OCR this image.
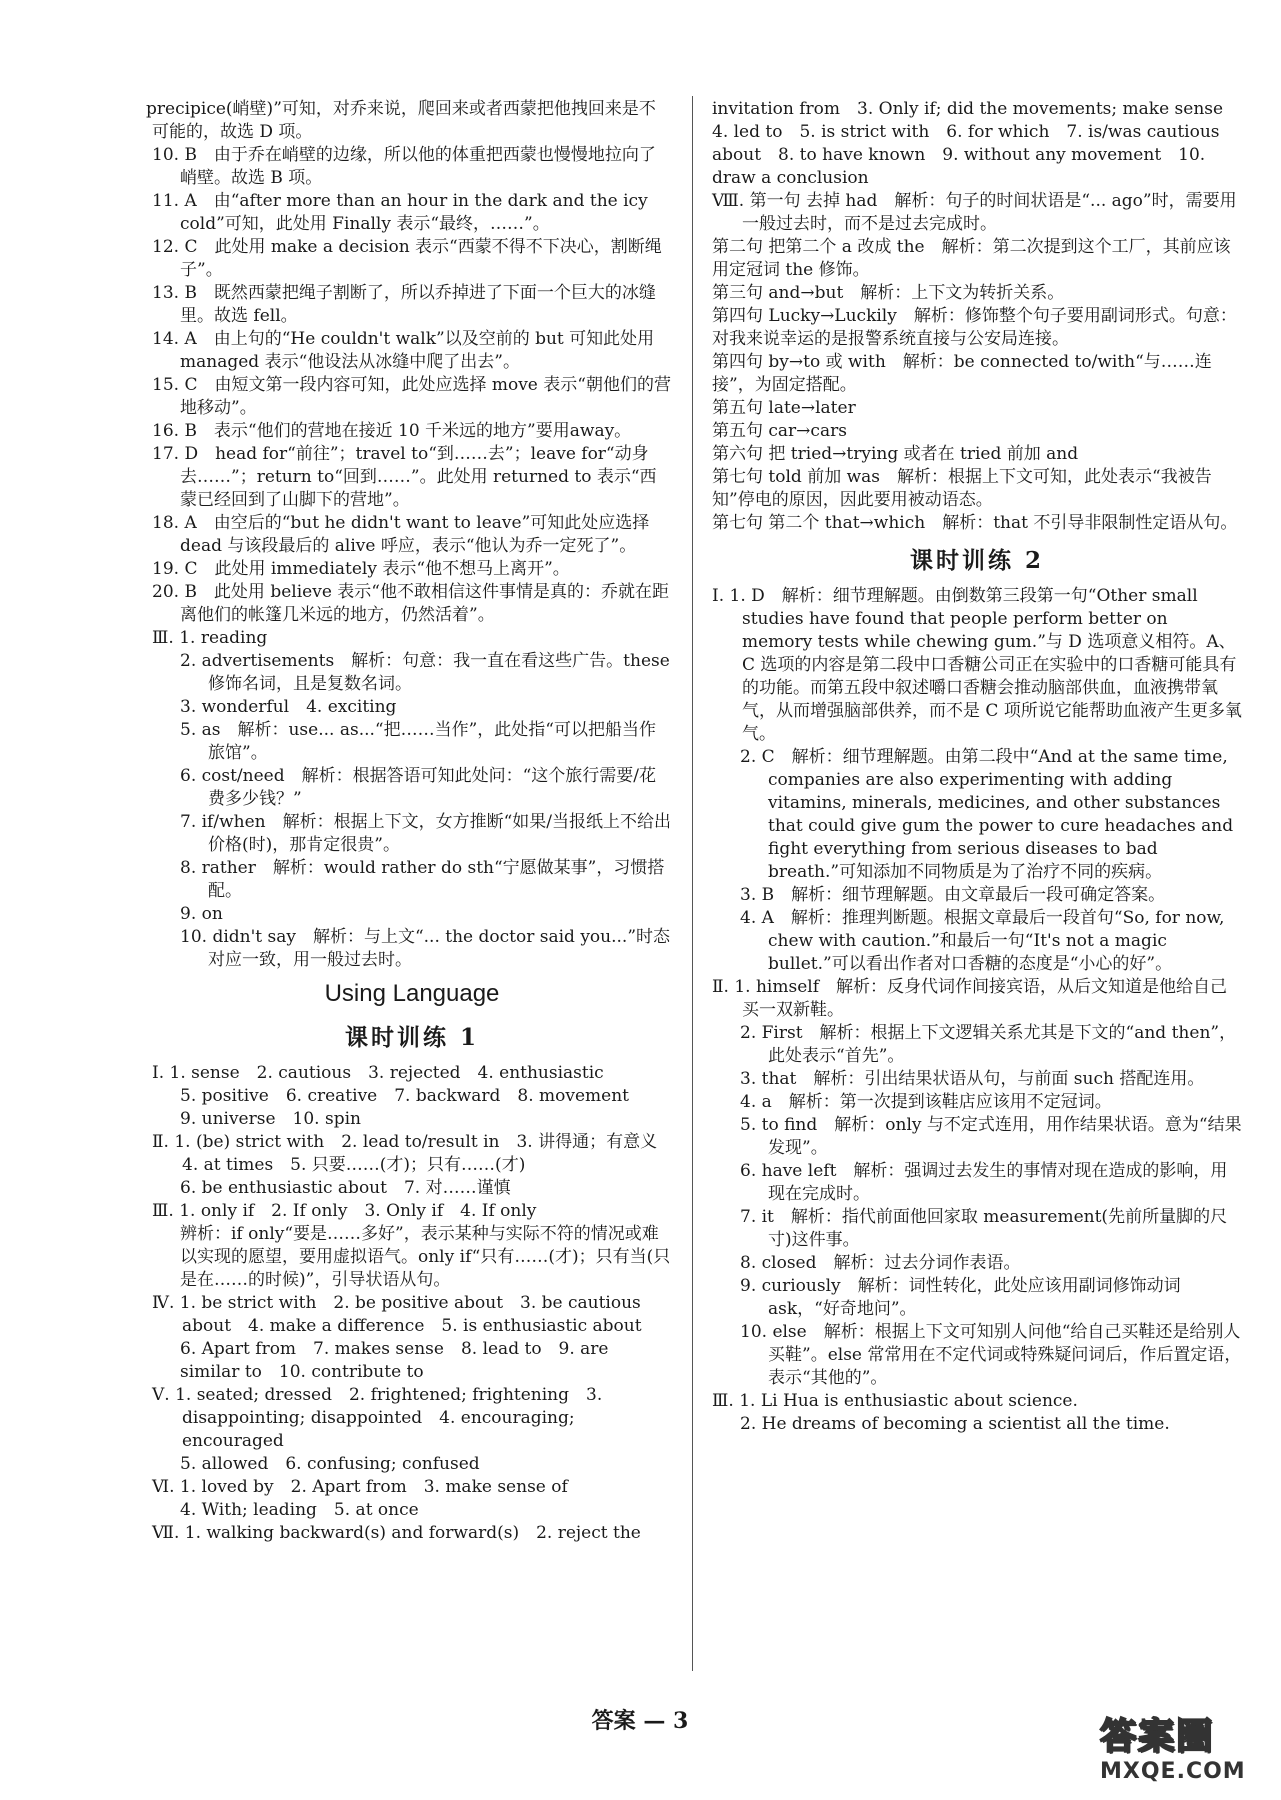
precipice(峭壁)”可知，对乔来说，爬回来或者西蒙把他拽回来是不可能的，故选 D 项。

10. B　由于乔在峭壁的边缘，所以他的体重把西蒙也慢慢地拉向了峭壁。故选 B 项。

11. A　由“after more than an hour in the dark and the icy cold”可知，此处用 Finally 表示“最终，……”。

12. C　此处用 make a decision 表示“西蒙不得不下决心，割断绳子”。

13. B　既然西蒙把绳子割断了，所以乔掉进了下面一个巨大的冰缝里。故选 fell。

14. A　由上句的“He couldn't walk”以及空前的 but 可知此处用 managed 表示“他设法从冰缝中爬了出去”。

15. C　由短文第一段内容可知，此处应选择 move 表示“朝他们的营地移动”。

16. B　表示“他们的营地在接近 10 千米远的地方”要用away。

17. D　head for“前往”；travel to“到……去”；leave for“动身去……”；return to“回到……”。此处用 returned to 表示“西蒙已经回到了山脚下的营地”。

18. A　由空后的“but he didn't want to leave”可知此处应选择 dead 与该段最后的 alive 呼应，表示“他认为乔一定死了”。

19. C　此处用 immediately 表示“他不想马上离开”。

20. B　此处用 believe 表示“他不敢相信这件事情是真的：乔就在距离他们的帐篷几米远的地方，仍然活着”。

Ⅲ. 1. reading

2. advertisements　解析：句意：我一直在看这些广告。these 修饰名词，且是复数名词。

3. wonderful　4. exciting

5. as　解析：use... as...“把……当作”，此处指“可以把船当作旅馆”。

6. cost/need　解析：根据答语可知此处问：“这个旅行需要/花费多少钱？”

7. if/when　解析：根据上下文，女方推断“如果/当报纸上不给出价格(时)，那肯定很贵”。

8. rather　解析：would rather do sth“宁愿做某事”，习惯搭配。

9. on

10. didn't say　解析：与上文“... the doctor said you...”时态对应一致，用一般过去时。

Using Language
课时训练 1

Ⅰ. 1. sense　2. cautious　3. rejected　4. enthusiastic

5. positive　6. creative　7. backward　8. movement

9. universe　10. spin

Ⅱ. 1. (be) strict with　2. lead to/result in　3. 讲得通；有意义　4. at times　5. 只要……(才)；只有……(才)

6. be enthusiastic about　7. 对……谨慎

Ⅲ. 1. only if　2. If only　3. Only if　4. If only

辨析：if only“要是……多好”，表示某种与实际不符的情况或难以实现的愿望，要用虚拟语气。only if“只有……(才)；只有当(只是在……的时候)”，引导状语从句。

Ⅳ. 1. be strict with　2. be positive about　3. be cautious about　4. make a difference　5. is enthusiastic about

6. Apart from　7. makes sense　8. lead to　9. are similar to　10. contribute to

Ⅴ. 1. seated; dressed　2. frightened; frightening　3. disappointing; disappointed　4. encouraging; encouraged

5. allowed　6. confusing; confused

Ⅵ. 1. loved by　2. Apart from　3. make sense of

4. With; leading　5. at once

Ⅶ. 1. walking backward(s) and forward(s)　2. reject the

invitation from　3. Only if; did the movements; make sense　4. led to　5. is strict with　6. for which　7. is/was cautious about　8. to have known　9. without any movement　10. draw a conclusion

Ⅷ. 第一句 去掉 had　解析：句子的时间状语是“... ago”时，需要用一般过去时，而不是过去完成时。

第二句 把第二个 a 改成 the　解析：第二次提到这个工厂，其前应该用定冠词 the 修饰。

第三句 and→but　解析：上下文为转折关系。

第四句 Lucky→Luckily　解析：修饰整个句子要用副词形式。句意：对我来说幸运的是报警系统直接与公安局连接。

第四句 by→to 或 with　解析：be connected to/with“与……连接”，为固定搭配。

第五句 late→later

第五句 car→cars

第六句 把 tried→trying 或者在 tried 前加 and

第七句 told 前加 was　解析：根据上下文可知，此处表示“我被告知”停电的原因，因此要用被动语态。

第七句 第二个 that→which　解析：that 不引导非限制性定语从句。

课时训练 2

Ⅰ. 1. D　解析：细节理解题。由倒数第三段第一句“Other small studies have found that people perform better on memory tests while chewing gum.”与 D 选项意义相符。A、C 选项的内容是第二段中口香糖公司正在实验中的口香糖可能具有的功能。而第五段中叙述嚼口香糖会推动脑部供血，血液携带氧气，从而增强脑部供养，而不是 C 项所说它能帮助血液产生更多氧气。

2. C　解析：细节理解题。由第二段中“And at the same time, companies are also experimenting with adding vitamins, minerals, medicines, and other substances that could give gum the power to cure headaches and fight everything from serious diseases to bad breath.”可知添加不同物质是为了治疗不同的疾病。

3. B　解析：细节理解题。由文章最后一段可确定答案。

4. A　解析：推理判断题。根据文章最后一段首句“So, for now, chew with caution.”和最后一句“It's not a magic bullet.”可以看出作者对口香糖的态度是“小心的好”。

Ⅱ. 1. himself　解析：反身代词作间接宾语，从后文知道是他给自己买一双新鞋。

2. First　解析：根据上下文逻辑关系尤其是下文的“and then”，此处表示“首先”。

3. that　解析：引出结果状语从句，与前面 such 搭配连用。

4. a　解析：第一次提到该鞋店应该用不定冠词。

5. to find　解析：only 与不定式连用，用作结果状语。意为“结果发现”。

6. have left　解析：强调过去发生的事情对现在造成的影响，用现在完成时。

7. it　解析：指代前面他回家取 measurement(先前所量脚的尺寸)这件事。

8. closed　解析：过去分词作表语。

9. curiously　解析：词性转化，此处应该用副词修饰动词 ask，“好奇地问”。

10. else　解析：根据上下文可知别人问他“给自己买鞋还是给别人买鞋”。else 常常用在不定代词或特殊疑问词后，作后置定语，表示“其他的”。

Ⅲ. 1. Li Hua is enthusiastic about science.

2. He dreams of becoming a scientist all the time.

答案 — 3	答案圈
MXQE.COM
